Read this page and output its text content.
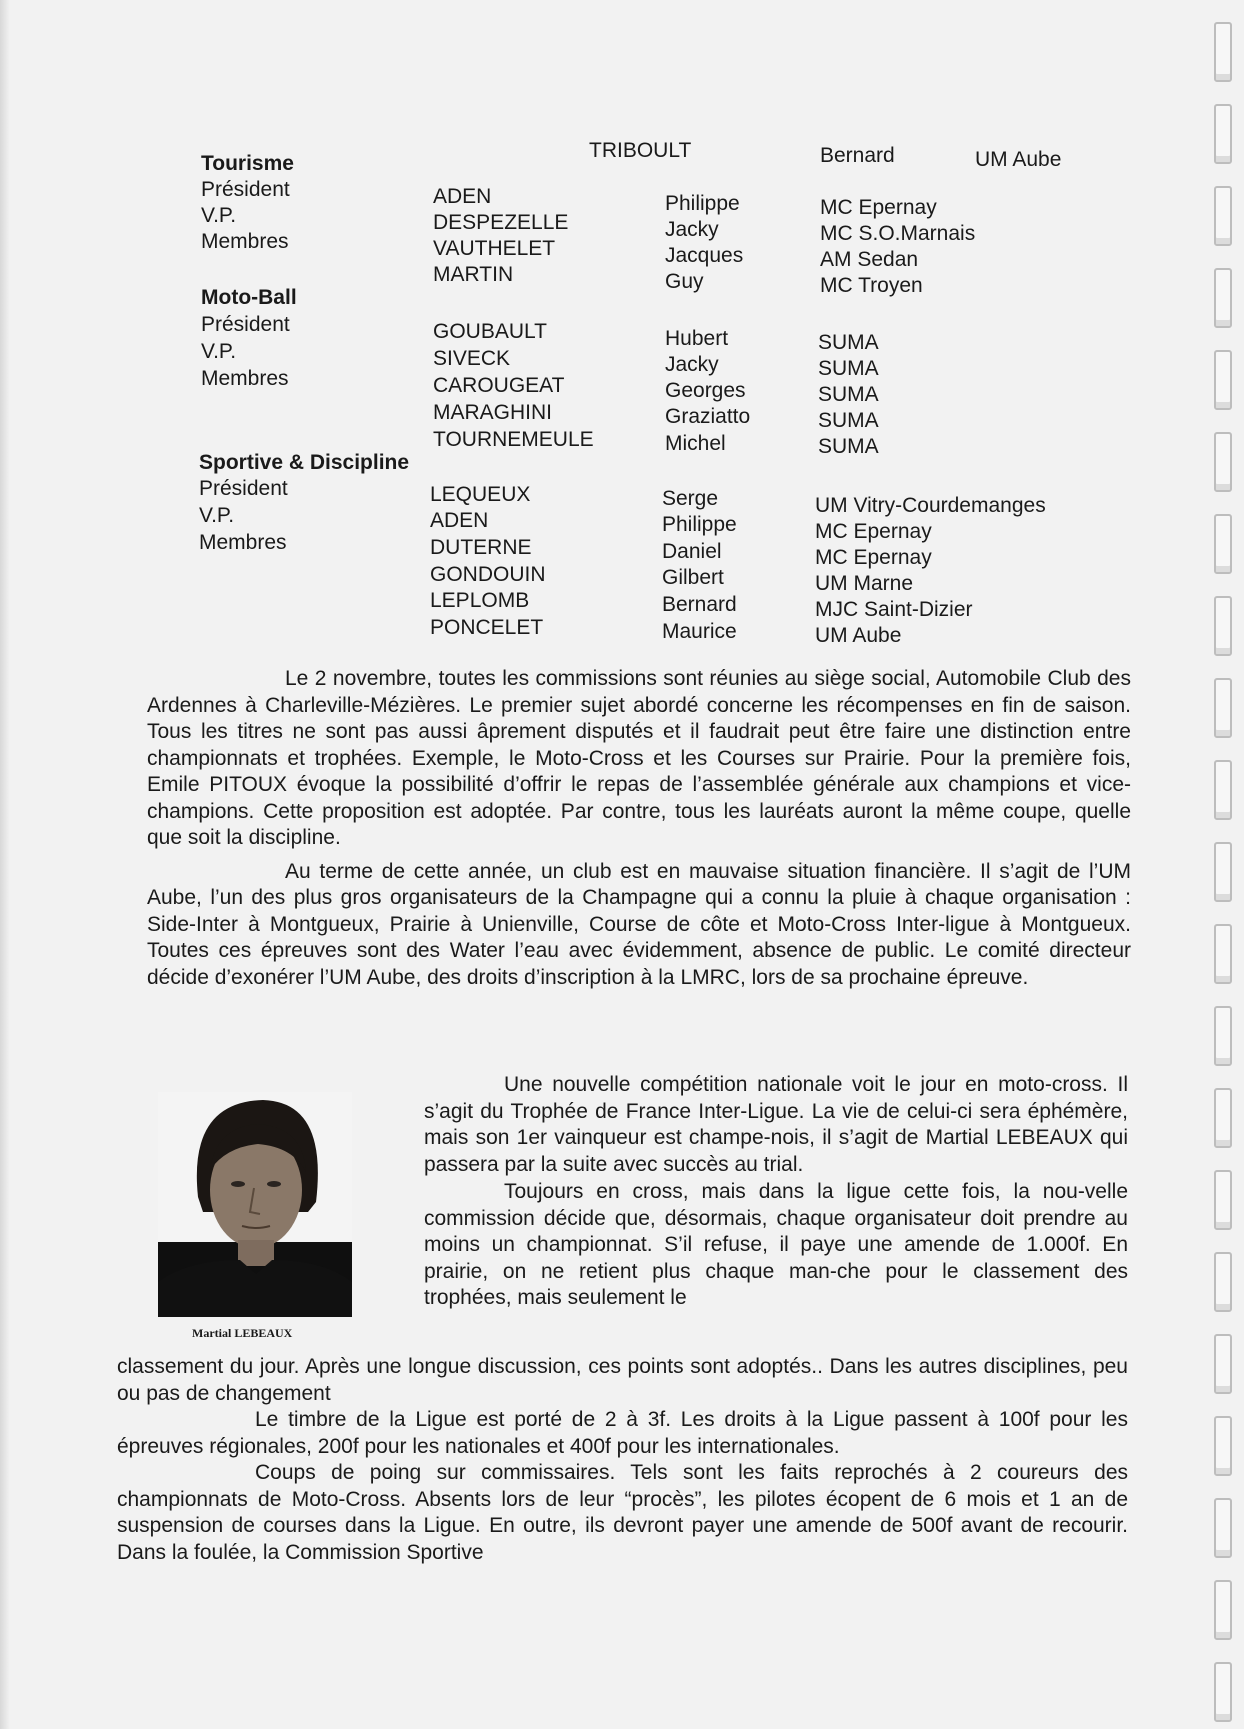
TRIBOULT	Bernard	UM Aube
Tourisme
Président
V.P.
Membres
ADEN
DESPEZELLE
VAUTHELET
MARTIN
Philippe
Jacky
Jacques
Guy
MC Epernay
MC S.O.Marnais
AM Sedan
MC Troyen
Moto-Ball
Président
V.P.
Membres
GOUBAULT
SIVECK
CAROUGEAT
MARAGHINI
TOURNEMEULE
Hubert
Jacky
Georges
Graziatto
Michel
SUMA
SUMA
SUMA
SUMA
SUMA
Sportive & Discipline
Président
V.P.
Membres
LEQUEUX
ADEN
DUTERNE
GONDOUIN
LEPLOMB
PONCELET
Serge
Philippe
Daniel
Gilbert
Bernard
Maurice
UM Vitry-Courdemanges
MC Epernay
MC Epernay
UM Marne
MJC Saint-Dizier
UM Aube

Le 2 novembre, toutes les commissions sont réunies au siège social, Automobile Club des Ardennes à Charleville-Mézières. Le premier sujet abordé concerne les récompenses en fin de saison. Tous les titres ne sont pas aussi âprement disputés et il faudrait peut être faire une distinction entre championnats et trophées. Exemple, le Moto-Cross et les Courses sur Prairie. Pour la première fois, Emile PITOUX évoque la possibilité d’offrir le repas de l’assemblée générale aux champions et vice-champions. Cette proposition est adoptée. Par contre, tous les lauréats auront la même coupe, quelle que soit la discipline.

Au terme de cette année, un club est en mauvaise situation financière. Il s’agit de l’UM Aube, l’un des plus gros organisateurs de la Champagne qui a connu la pluie à chaque organisation : Side-Inter à Montgueux, Prairie à Unienville, Course de côte et Moto-Cross Inter-ligue à Montgueux. Toutes ces épreuves sont des Water l’eau avec évidemment, absence de public. Le comité directeur décide d’exonérer l’UM Aube, des droits d’inscription à la LMRC, lors de sa prochaine épreuve.

Martial LEBEAUX

Une nouvelle compétition nationale voit le jour en moto-cross. Il s’agit du Trophée de France Inter-Ligue. La vie de celui-ci sera éphémère, mais son 1er vainqueur est champe-nois, il s’agit de Martial LEBEAUX qui passera par la suite avec succès au trial.

Toujours en cross, mais dans la ligue cette fois, la nou-velle commission décide que, désormais, chaque organisateur doit prendre au moins un championnat. S’il refuse, il paye une amende de 1.000f. En prairie, on ne retient plus chaque man-che pour le classement des trophées, mais seulement le

classement du jour. Après une longue discussion, ces points sont adoptés.. Dans les autres disciplines, peu ou pas de changement

Le timbre de la Ligue est porté de 2 à 3f. Les droits à la Ligue passent à 100f pour les épreuves régionales, 200f pour les nationales et 400f pour les internationales.

Coups de poing sur commissaires. Tels sont les faits reprochés à 2 coureurs des championnats de Moto-Cross. Absents lors de leur “procès”, les pilotes écopent de 6 mois et 1 an de suspension de courses dans la Ligue. En outre, ils devront payer une amende de 500f avant de recourir. Dans la foulée, la Commission Sportive
